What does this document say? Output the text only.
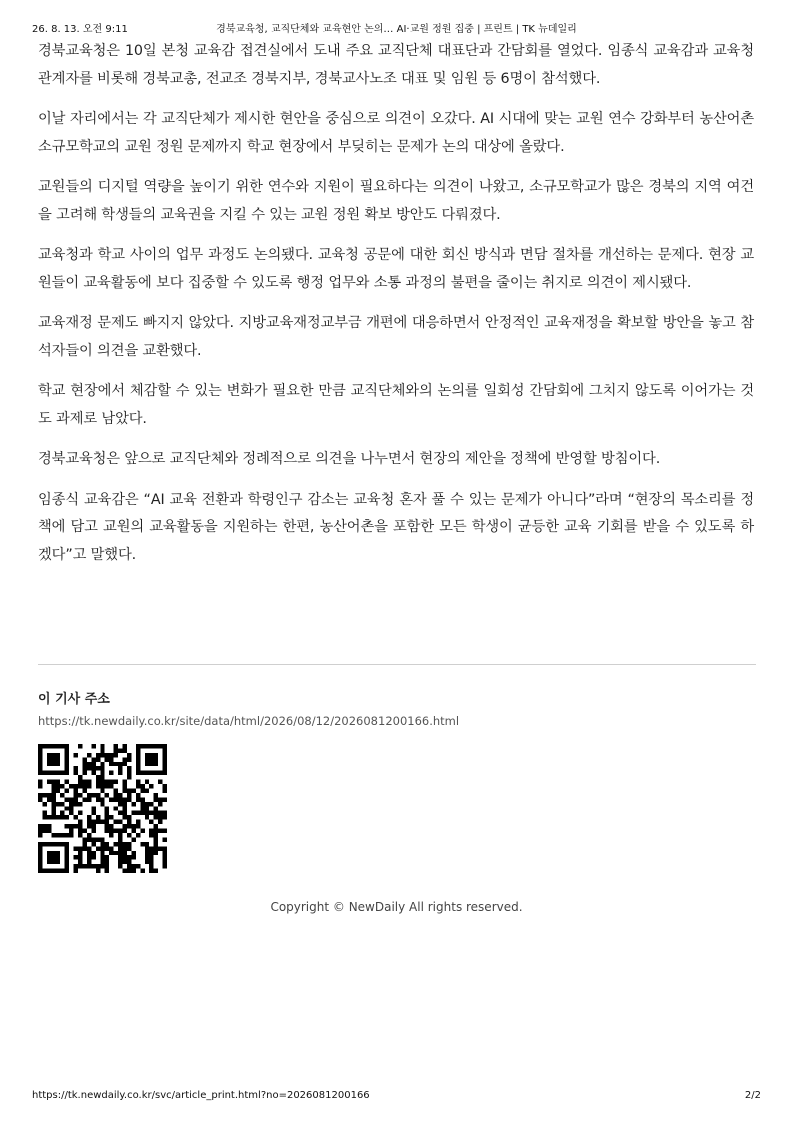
26. 8. 13. 오전 9:11	경북교육청, 교직단체와 교육현안 논의… AI·교원 정원 집중 | 프린트 | TK 뉴데일리

경북교육청은 10일 본청 교육감 접견실에서 도내 주요 교직단체 대표단과 간담회를 열었다. 임종식 교육감과 교육청 관계자를 비롯해 경북교총, 전교조 경북지부, 경북교사노조 대표 및 임원 등 6명이 참석했다.

이날 자리에서는 각 교직단체가 제시한 현안을 중심으로 의견이 오갔다. AI 시대에 맞는 교원 연수 강화부터 농산어촌 소규모학교의 교원 정원 문제까지 학교 현장에서 부딪히는 문제가 논의 대상에 올랐다.

교원들의 디지털 역량을 높이기 위한 연수와 지원이 필요하다는 의견이 나왔고, 소규모학교가 많은 경북의 지역 여건을 고려해 학생들의 교육권을 지킬 수 있는 교원 정원 확보 방안도 다뤄졌다.

교육청과 학교 사이의 업무 과정도 논의됐다. 교육청 공문에 대한 회신 방식과 면담 절차를 개선하는 문제다. 현장 교원들이 교육활동에 보다 집중할 수 있도록 행정 업무와 소통 과정의 불편을 줄이는 취지로 의견이 제시됐다.

교육재정 문제도 빠지지 않았다. 지방교육재정교부금 개편에 대응하면서 안정적인 교육재정을 확보할 방안을 놓고 참석자들이 의견을 교환했다.

학교 현장에서 체감할 수 있는 변화가 필요한 만큼 교직단체와의 논의를 일회성 간담회에 그치지 않도록 이어가는 것도 과제로 남았다.

경북교육청은 앞으로 교직단체와 정례적으로 의견을 나누면서 현장의 제안을 정책에 반영할 방침이다.

임종식 교육감은 “AI 교육 전환과 학령인구 감소는 교육청 혼자 풀 수 있는 문제가 아니다”라며 “현장의 목소리를 정책에 담고 교원의 교육활동을 지원하는 한편, 농산어촌을 포함한 모든 학생이 균등한 교육 기회를 받을 수 있도록 하겠다”고 말했다.

이 기사 주소
https://tk.newdaily.co.kr/site/data/html/2026/08/12/2026081200166.html
Copyright © NewDaily All rights reserved.
https://tk.newdaily.co.kr/svc/article_print.html?no=2026081200166	2/2
